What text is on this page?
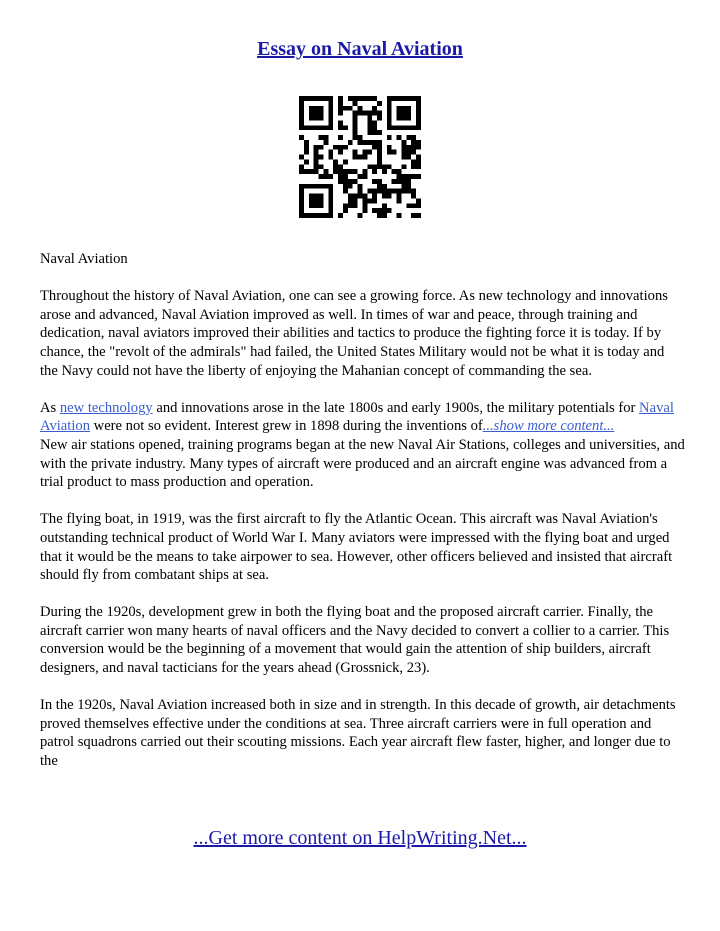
Essay on Naval Aviation

Naval Aviation

Throughout the history of Naval Aviation, one can see a growing force. As new technology and innovations arose and advanced, Naval Aviation improved as well. In times of war and peace, through training and dedication, naval aviators improved their abilities and tactics to produce the fighting force it is today. If by chance, the "revolt of the admirals" had failed, the United States Military would not be what it is today and the Navy could not have the liberty of enjoying the Mahanian concept of commanding the sea.

As new technology and innovations arose in the late 1800s and early 1900s, the military potentials for Naval Aviation were not so evident. Interest grew in 1898 during the inventions of...show more content...

New air stations opened, training programs began at the new Naval Air Stations, colleges and universities, and with the private industry. Many types of aircraft were produced and an aircraft engine was advanced from a trial product to mass production and operation.

The flying boat, in 1919, was the first aircraft to fly the Atlantic Ocean. This aircraft was Naval Aviation's outstanding technical product of World War I. Many aviators were impressed with the flying boat and urged that it would be the means to take airpower to sea. However, other officers believed and insisted that aircraft should fly from combatant ships at sea.

During the 1920s, development grew in both the flying boat and the proposed aircraft carrier. Finally, the aircraft carrier won many hearts of naval officers and the Navy decided to convert a collier to a carrier. This conversion would be the beginning of a movement that would gain the attention of ship builders, aircraft designers, and naval tacticians for the years ahead (Grossnick, 23).

In the 1920s, Naval Aviation increased both in size and in strength. In this decade of growth, air detachments proved themselves effective under the conditions at sea. Three aircraft carriers were in full operation and patrol squadrons carried out their scouting missions. Each year aircraft flew faster, higher, and longer due to the

...Get more content on HelpWriting.Net...
